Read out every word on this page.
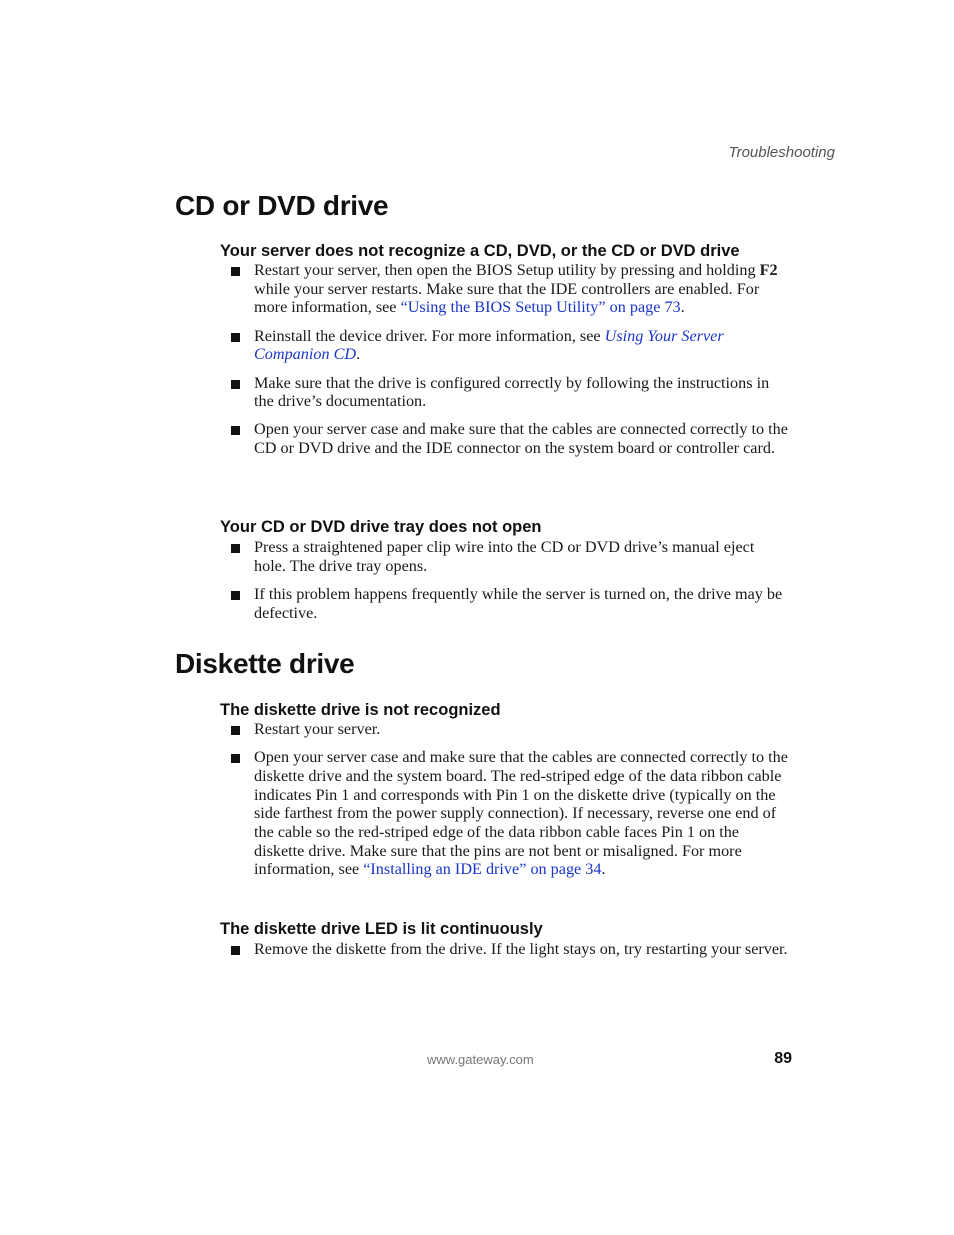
Troubleshooting
CD or DVD drive
Your server does not recognize a CD, DVD, or the CD or DVD drive
Restart your server, then open the BIOS Setup utility by pressing and holding F2 while your server restarts. Make sure that the IDE controllers are enabled. For more information, see “Using the BIOS Setup Utility” on page 73.
Reinstall the device driver. For more information, see Using Your Server Companion CD.
Make sure that the drive is configured correctly by following the instructions in the drive’s documentation.
Open your server case and make sure that the cables are connected correctly to the CD or DVD drive and the IDE connector on the system board or controller card.
Your CD or DVD drive tray does not open
Press a straightened paper clip wire into the CD or DVD drive’s manual eject hole. The drive tray opens.
If this problem happens frequently while the server is turned on, the drive may be defective.
Diskette drive
The diskette drive is not recognized
Restart your server.
Open your server case and make sure that the cables are connected correctly to the diskette drive and the system board. The red-striped edge of the data ribbon cable indicates Pin 1 and corresponds with Pin 1 on the diskette drive (typically on the side farthest from the power supply connection). If necessary, reverse one end of the cable so the red-striped edge of the data ribbon cable faces Pin 1 on the diskette drive. Make sure that the pins are not bent or misaligned. For more information, see “Installing an IDE drive” on page 34.
The diskette drive LED is lit continuously
Remove the diskette from the drive. If the light stays on, try restarting your server.
www.gateway.com	89
